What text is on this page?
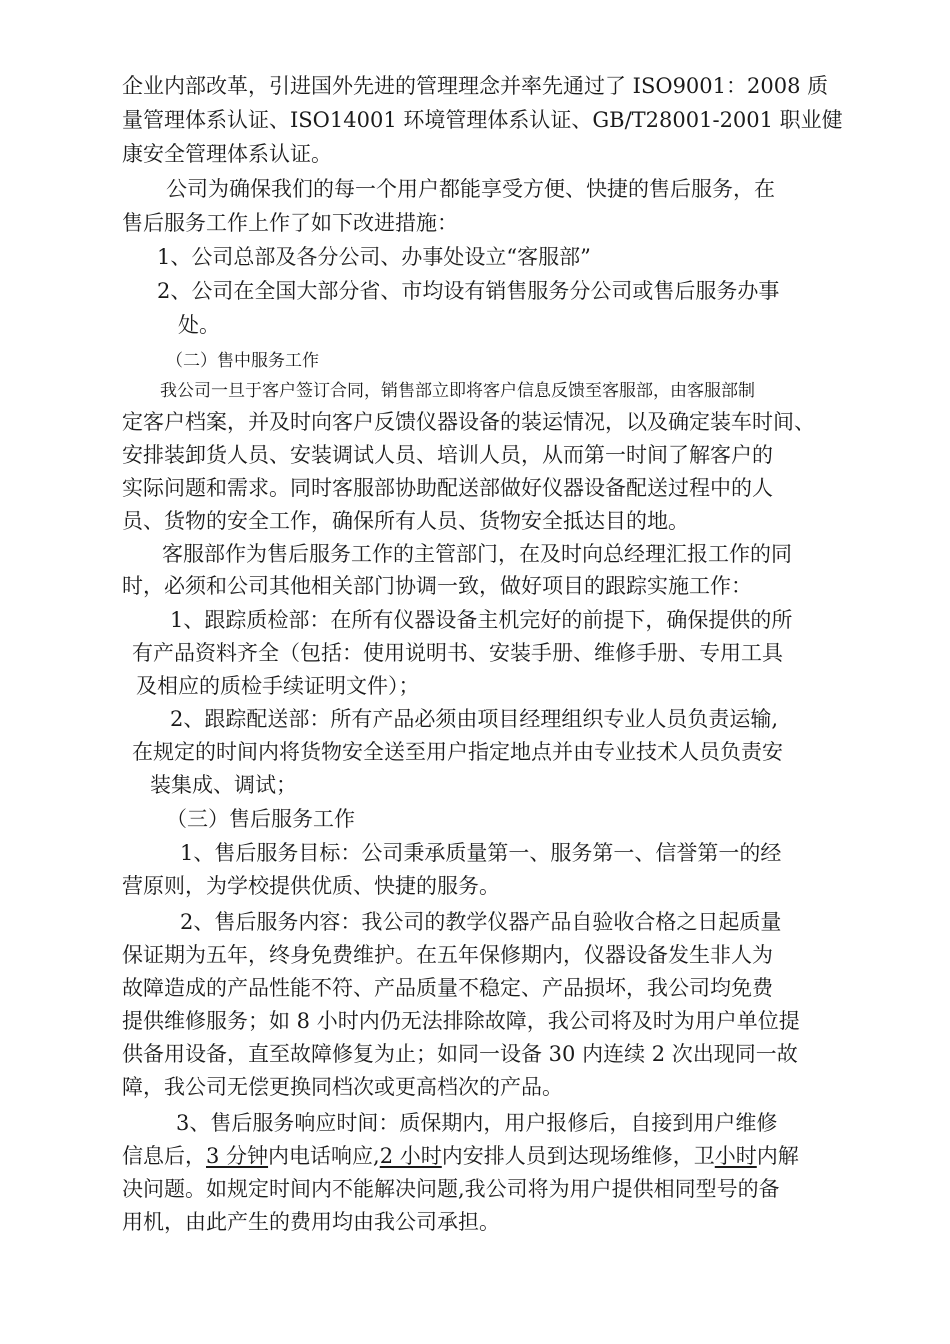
企业内部改革，引进国外先进的管理理念并率先通过了 ISO9001：2008 质
量管理体系认证、ISO14001 环境管理体系认证、GB/T28001-2001 职业健
康安全管理体系认证。
公司为确保我们的每一个用户都能享受方便、快捷的售后服务，在
售后服务工作上作了如下改进措施：
1、公司总部及各分公司、办事处设立“客服部”
2、公司在全国大部分省、市均设有销售服务分公司或售后服务办事
处。
（二）售中服务工作
我公司一旦于客户签订合同，销售部立即将客户信息反馈至客服部，由客服部制
定客户档案，并及时向客户反馈仪器设备的装运情况，以及确定装车时间、
安排装卸货人员、安装调试人员、培训人员，从而第一时间了解客户的
实际问题和需求。同时客服部协助配送部做好仪器设备配送过程中的人
员、货物的安全工作，确保所有人员、货物安全抵达目的地。
客服部作为售后服务工作的主管部门，在及时向总经理汇报工作的同
时，必须和公司其他相关部门协调一致，做好项目的跟踪实施工作：
1、跟踪质检部：在所有仪器设备主机完好的前提下，确保提供的所
有产品资料齐全（包括：使用说明书、安装手册、维修手册、专用工具
及相应的质检手续证明文件）；
2、跟踪配送部：所有产品必须由项目经理组织专业人员负责运输,
在规定的时间内将货物安全送至用户指定地点并由专业技术人员负责安
装集成、调试；
（三）售后服务工作
1、售后服务目标：公司秉承质量第一、服务第一、信誉第一的经
营原则，为学校提供优质、快捷的服务。
2、售后服务内容：我公司的教学仪器产品自验收合格之日起质量
保证期为五年，终身免费维护。在五年保修期内，仪器设备发生非人为
故障造成的产品性能不符、产品质量不稳定、产品损坏，我公司均免费
提供维修服务；如 8 小时内仍无法排除故障，我公司将及时为用户单位提
供备用设备，直至故障修复为止；如同一设备 30 内连续 2 次出现同一故
障，我公司无偿更换同档次或更高档次的产品。
3、售后服务响应时间：质保期内，用户报修后，自接到用户维修
信息后，3 分钟内电话响应,2 小时内安排人员到达现场维修，卫小时内解
决问题。如规定时间内不能解决问题,我公司将为用户提供相同型号的备
用机，由此产生的费用均由我公司承担。
